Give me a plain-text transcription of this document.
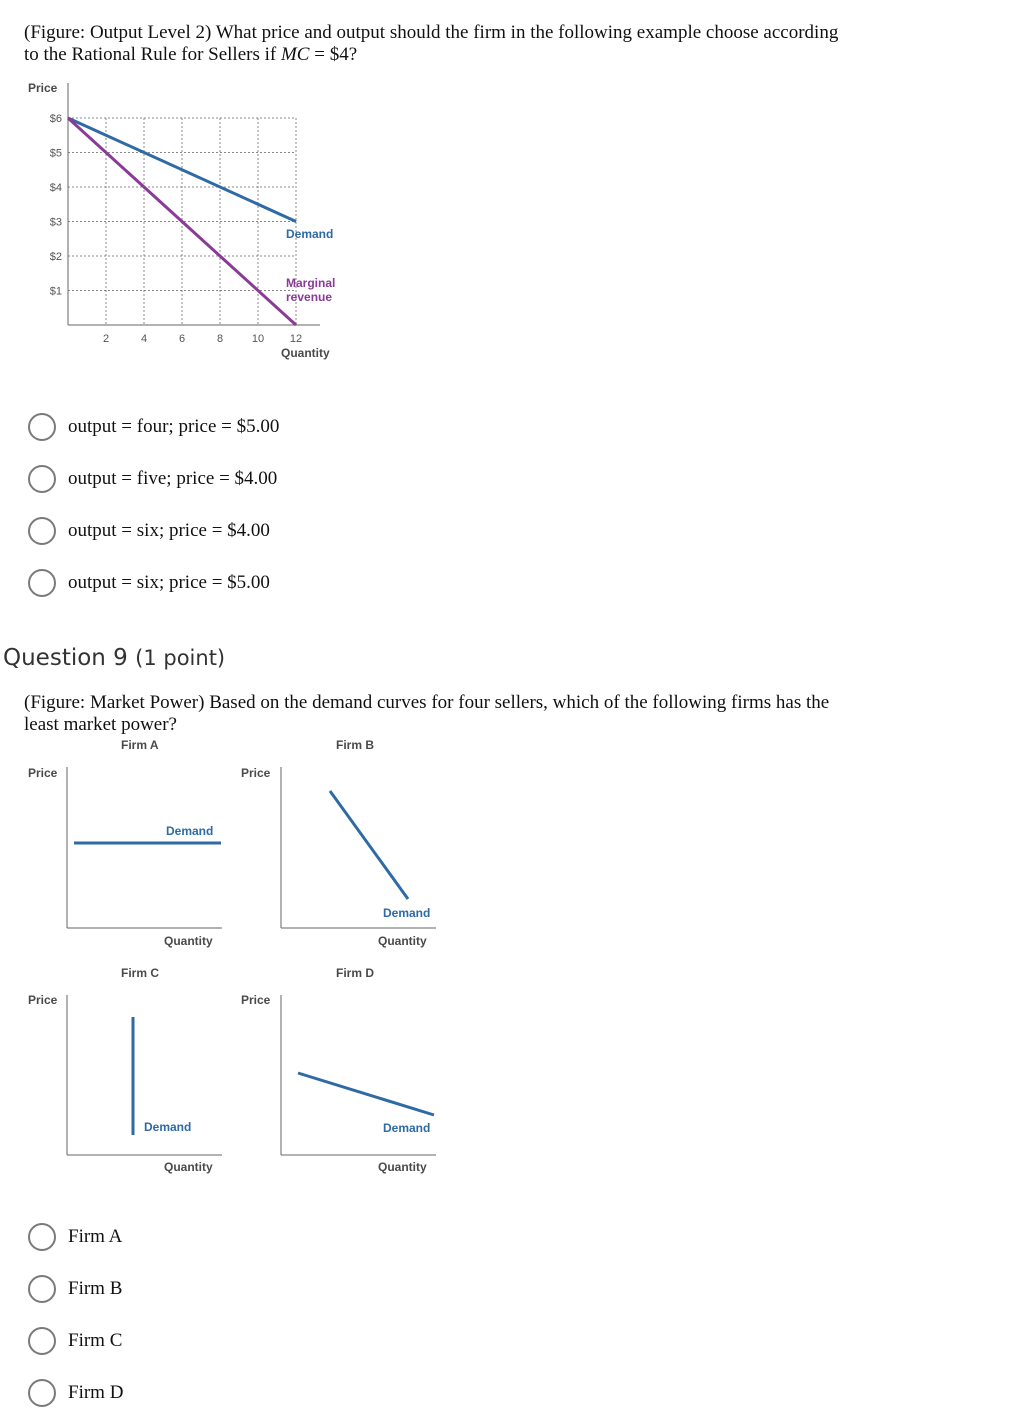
(Figure: Output Level 2) What price and output should the firm in the following example choose according
to the Rational Rule for Sellers if MC = $4?
Price
$6
$5
$4
$3
$2
$1
2	4	6	8	10 12
Demand
Marginal
revenue
Quantity
output = four; price = $5.00
output = five; price = $4.00
output = six; price = $4.00
output = six; price = $5.00
Question 9 (1 point)
(Figure: Market Power) Based on the demand curves for four sellers, which of the following firms has the
least market power?
Firm A
Price
Demand
Quantity
Firm B
Price
Demand
Quantity
Firm C
Price
Demand
Quantity
Firm D
Price
Demand
Quantity
Firm A
Firm B
Firm C
Firm D
